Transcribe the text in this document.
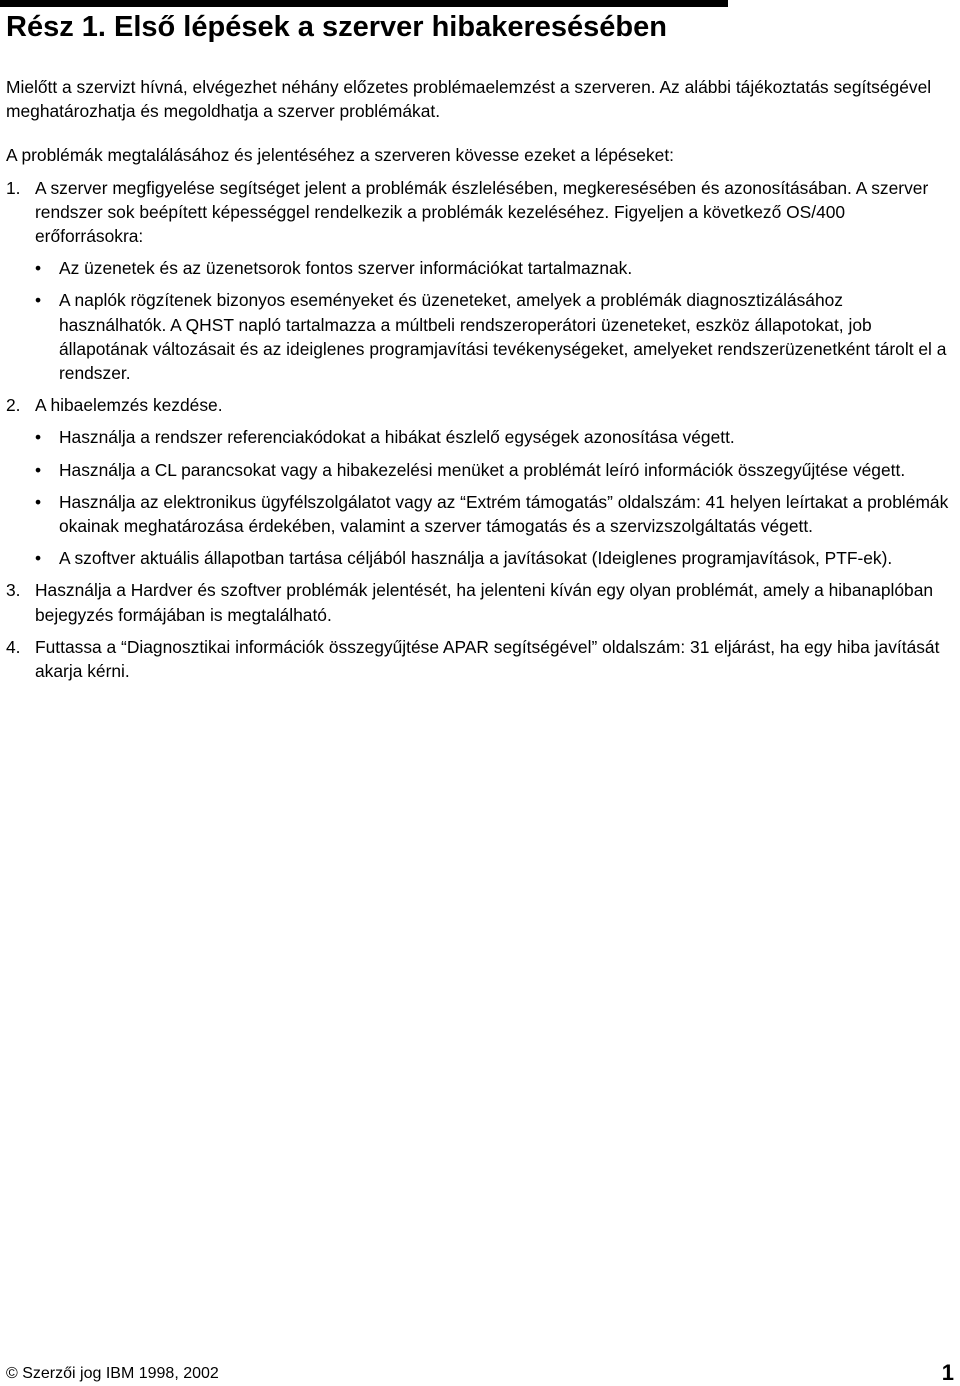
Rész 1. Első lépések a szerver hibakeresésében

Mielőtt a szervizt hívná, elvégezhet néhány előzetes problémaelemzést a szerveren. Az alábbi tájékoztatás segítségével meghatározhatja és megoldhatja a szerver problémákat.

A problémák megtalálásához és jelentéséhez a szerveren kövesse ezeket a lépéseket:

1. A szerver megfigyelése segítséget jelent a problémák észlelésében, megkeresésében és azonosításában. A szerver rendszer sok beépített képességgel rendelkezik a problémák kezeléséhez. Figyeljen a következő OS/400 erőforrásokra:

• Az üzenetek és az üzenetsorok fontos szerver információkat tartalmaznak.
• A naplók rögzítenek bizonyos eseményeket és üzeneteket, amelyek a problémák diagnosztizálásához használhatók. A QHST napló tartalmazza a múltbeli rendszeroperátori üzeneteket, eszköz állapotokat, job állapotának változásait és az ideiglenes programjavítási tevékenységeket, amelyeket rendszerüzenetként tárolt el a rendszer.
2. A hibaelemzés kezdése.

• Használja a rendszer referenciakódokat a hibákat észlelő egységek azonosítása végett.
• Használja a CL parancsokat vagy a hibakezelési menüket a problémát leíró információk összegyűjtése végett.
• Használja az elektronikus ügyfélszolgálatot vagy az “Extrém támogatás” oldalszám: 41 helyen leírtakat a problémák okainak meghatározása érdekében, valamint a szerver támogatás és a szervizszolgáltatás végett.
• A szoftver aktuális állapotban tartása céljából használja a javításokat (Ideiglenes programjavítások, PTF-ek).
3. Használja a Hardver és szoftver problémák jelentését, ha jelenteni kíván egy olyan problémát, amely a hibanaplóban bejegyzés formájában is megtalálható.

4. Futtassa a “Diagnosztikai információk összegyűjtése APAR segítségével” oldalszám: 31 eljárást, ha egy hiba javítását akarja kérni.

© Szerzői jog IBM 1998, 2002	1
